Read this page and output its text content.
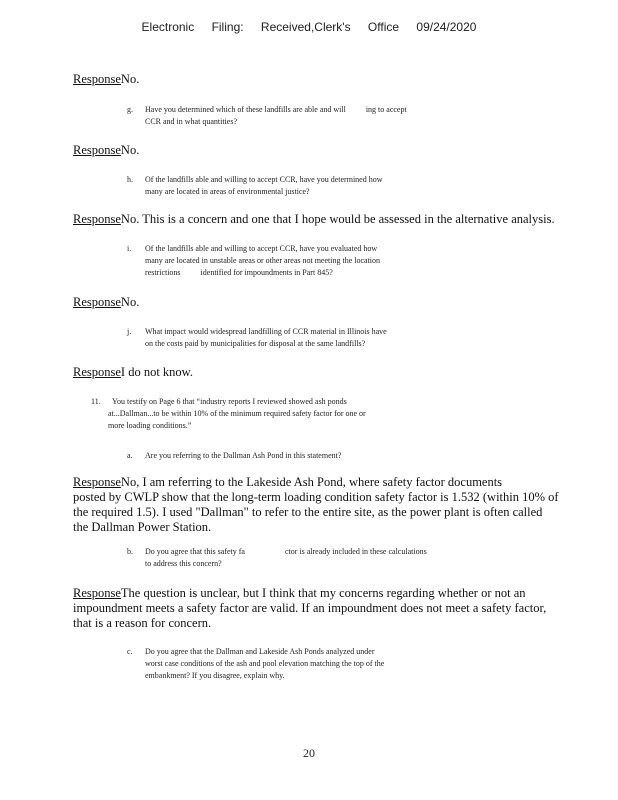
Electronic Filing: Received,Clerk's Office 09/24/2020
ResponseNo.
g. Have you determined which of these landfills are able and will          ing to accept
CCR and in what quantities?
ResponseNo.
h. Of the landfills able and willing to accept CCR, have you determined how
many are located in areas of environmental justice?
ResponseNo. This is a concern and one that I hope would be assessed in the alternative analysis.
i. Of the landfills able and willing to accept CCR, have you evaluated how
many are located in unstable areas or other areas not meeting the location
restrictions          identified for impoundments in Part 845?
ResponseNo.
j. What impact would widespread landfilling of CCR material in Illinois have
on the costs paid by municipalities for disposal at the same landfills?
ResponseI do not know.
11. You testify on Page 6 that “industry reports I reviewed showed ash ponds
at...Dallman...to be within 10% of the minimum required safety factor for one or
more loading conditions.”
a. Are you referring to the Dallman Ash Pond in this statement?
ResponseNo, I am referring to the Lakeside Ash Pond, where safety factor documents
posted by CWLP show that the long-term loading condition safety factor is 1.532 (within 10% of
the required 1.5). I used "Dallman" to refer to the entire site, as the power plant is often called
the Dallman Power Station.
b. Do you agree that this safety fa                    ctor is already included in these calculations
to address this concern?
ResponseThe question is unclear, but I think that my concerns regarding whether or not an
impoundment meets a safety factor are valid. If an impoundment does not meet a safety factor,
that is a reason for concern.
c. Do you agree that the Dallman and Lakeside Ash Ponds analyzed under
worst case conditions of the ash and pool elevation matching the top of the
embankment? If you disagree, explain why.
20
